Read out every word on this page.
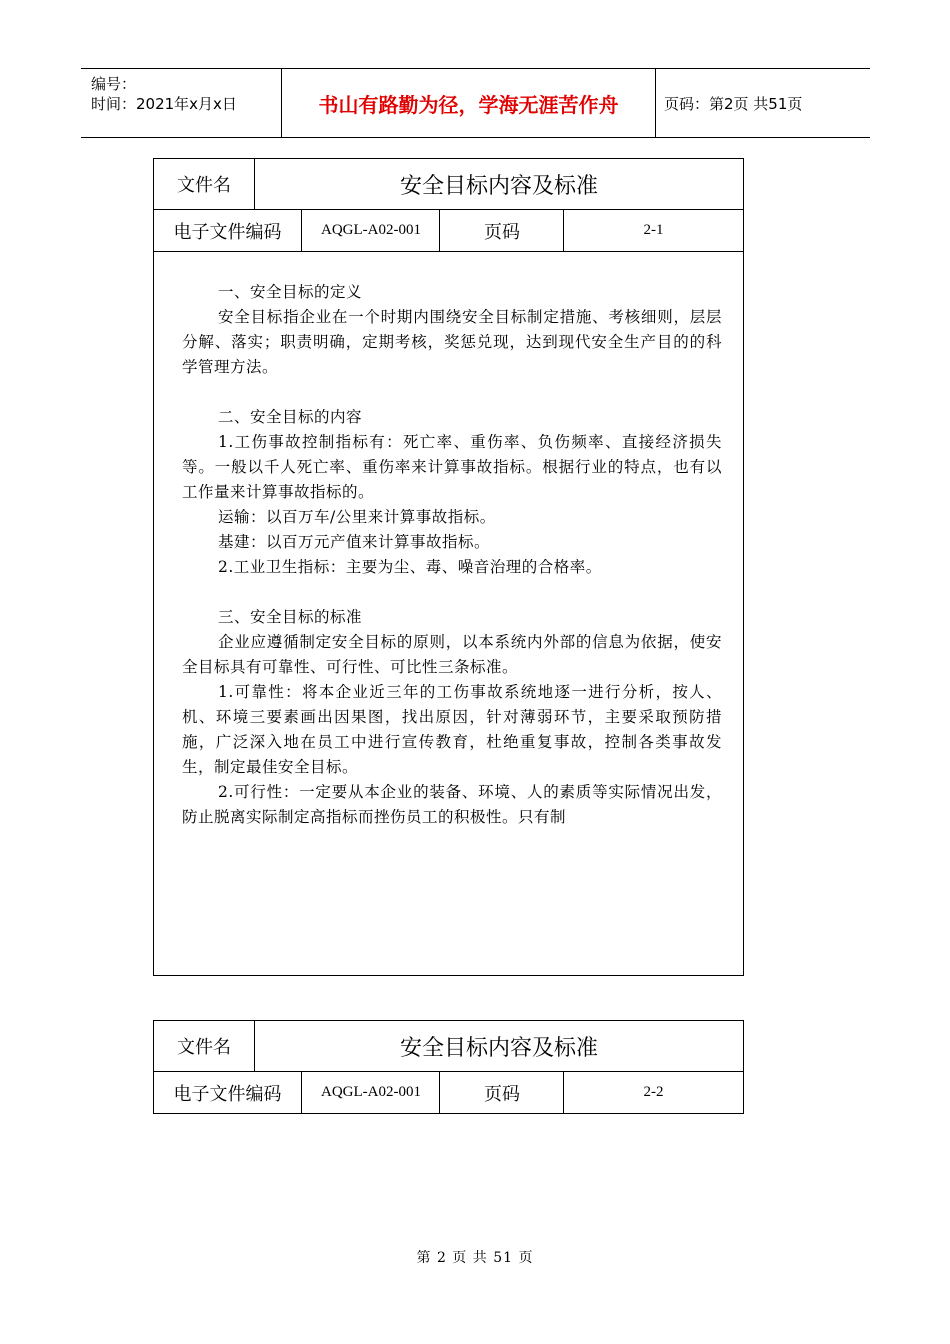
编号：
时间：2021年x月x日	书山有路勤为径，学海无涯苦作舟	页码：第2页 共51页
文件名	安全目标内容及标准
电子文件编码	AQGL-A02-001	页码	2-1

一、安全目标的定义

安全目标指企业在一个时期内围绕安全目标制定措施、考核细则，层层分解、落实；职责明确，定期考核，奖惩兑现，达到现代安全生产目的的科学管理方法。

二、安全目标的内容

1.工伤事故控制指标有：死亡率、重伤率、负伤频率、直接经济损失等。一般以千人死亡率、重伤率来计算事故指标。根据行业的特点，也有以工作量来计算事故指标的。

运输：以百万车/公里来计算事故指标。

基建：以百万元产值来计算事故指标。

2.工业卫生指标：主要为尘、毒、噪音治理的合格率。

三、安全目标的标准

企业应遵循制定安全目标的原则，以本系统内外部的信息为依据，使安全目标具有可靠性、可行性、可比性三条标准。

1.可靠性：将本企业近三年的工伤事故系统地逐一进行分析，按人、机、环境三要素画出因果图，找出原因，针对薄弱环节，主要采取预防措施，广泛深入地在员工中进行宣传教育，杜绝重复事故，控制各类事故发生，制定最佳安全目标。

2.可行性：一定要从本企业的装备、环境、人的素质等实际情况出发，防止脱离实际制定高指标而挫伤员工的积极性。只有制

文件名	安全目标内容及标准
电子文件编码	AQGL-A02-001	页码	2-2
第 2 页 共 51 页
